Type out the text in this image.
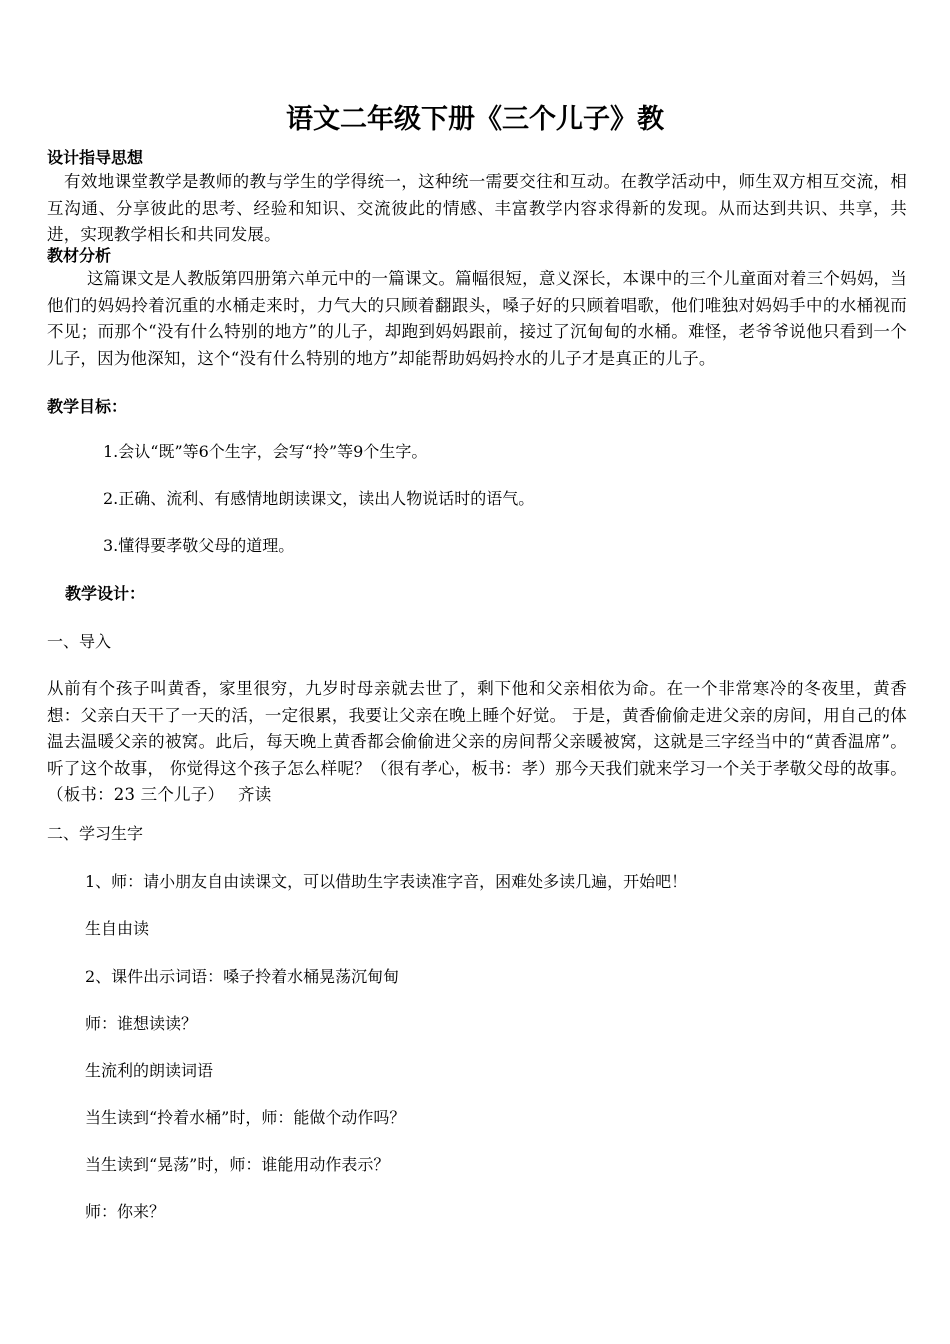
语文二年级下册《三个儿子》教
设计指导思想
有效地课堂教学是教师的教与学生的学得统一，这种统一需要交往和互动。在教学活动中，师生双方相互交流，相互沟通、分享彼此的思考、经验和知识、交流彼此的情感、丰富教学内容求得新的发现。从而达到共识、共享，共进，实现教学相长和共同发展。
教材分析
这篇课文是人教版第四册第六单元中的一篇课文。篇幅很短，意义深长，本课中的三个儿童面对着三个妈妈，当他们的妈妈拎着沉重的水桶走来时，力气大的只顾着翻跟头，嗓子好的只顾着唱歌，他们唯独对妈妈手中的水桶视而不见；而那个“没有什么特别的地方”的儿子，却跑到妈妈跟前，接过了沉甸甸的水桶。难怪，老爷爷说他只看到一个儿子，因为他深知，这个“没有什么特别的地方”却能帮助妈妈拎水的儿子才是真正的儿子。
教学目标：
1.会认“既”等6个生字，会写“拎”等9个生字。
2.正确、流利、有感情地朗读课文，读出人物说话时的语气。
3.懂得要孝敬父母的道理。
教学设计：
一、导入
从前有个孩子叫黄香，家里很穷，九岁时母亲就去世了，剩下他和父亲相依为命。在一个非常寒冷的冬夜里，黄香想：父亲白天干了一天的活，一定很累，我要让父亲在晚上睡个好觉。 于是，黄香偷偷走进父亲的房间，用自己的体温去温暖父亲的被窝。此后，每天晚上黄香都会偷偷进父亲的房间帮父亲暖被窝，这就是三字经当中的“黄香温席”。听了这个故事， 你觉得这个孩子怎么样呢？（很有孝心，板书：孝）那今天我们就来学习一个关于孝敬父母的故事。（板书：23 三个儿子）　 齐读
二、学习生字
1、师：请小朋友自由读课文，可以借助生字表读准字音，困难处多读几遍，开始吧！
生自由读
2、课件出示词语：嗓子拎着水桶晃荡沉甸甸
师：谁想读读？
生流利的朗读词语
当生读到“拎着水桶”时，师：能做个动作吗？
当生读到“晃荡”时，师：谁能用动作表示？
师：你来？
